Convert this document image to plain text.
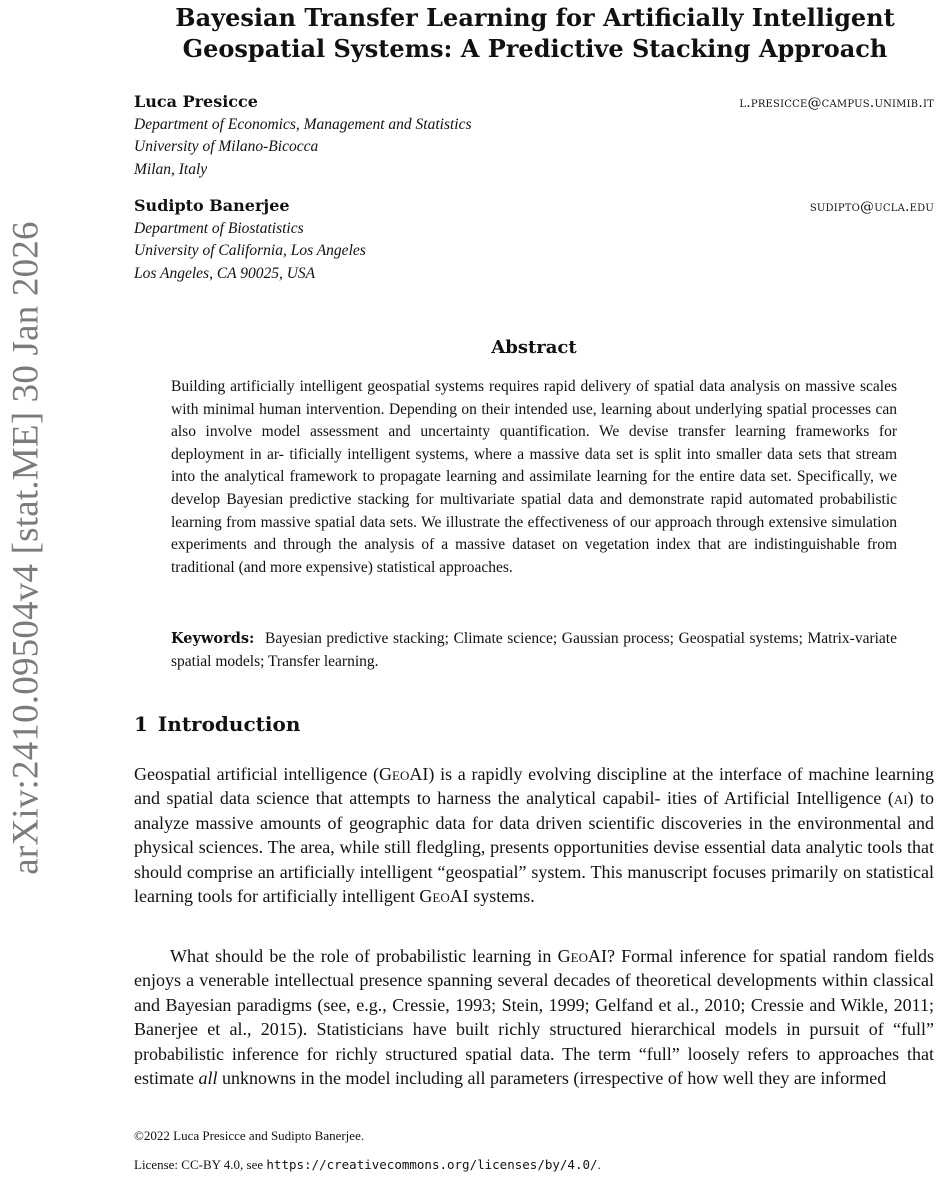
arXiv:2410.09504v4 [stat.ME] 30 Jan 2026
Bayesian Transfer Learning for Artificially Intelligent
Geospatial Systems: A Predictive Stacking Approach
Luca Presicce	l.presicce@campus.unimib.it
Department of Economics, Management and Statistics
University of Milano-Bicocca
Milan, Italy
Sudipto Banerjee	sudipto@ucla.edu
Department of Biostatistics
University of California, Los Angeles
Los Angeles, CA 90025, USA
Abstract
Building artificially intelligent geospatial systems requires rapid delivery of spatial data analysis on massive scales with minimal human intervention. Depending on their intended use, learning about underlying spatial processes can also involve model assessment and uncertainty quantification. We devise transfer learning frameworks for deployment in ar- tificially intelligent systems, where a massive data set is split into smaller data sets that stream into the analytical framework to propagate learning and assimilate learning for the entire data set. Specifically, we develop Bayesian predictive stacking for multivariate spatial data and demonstrate rapid automated probabilistic learning from massive spatial data sets. We illustrate the effectiveness of our approach through extensive simulation experiments and through the analysis of a massive dataset on vegetation index that are indistinguishable from traditional (and more expensive) statistical approaches.
Keywords: Bayesian predictive stacking; Climate science; Gaussian process; Geospatial systems; Matrix-variate spatial models; Transfer learning.
1 Introduction

Geospatial artificial intelligence (GeoAI) is a rapidly evolving discipline at the interface of machine learning and spatial data science that attempts to harness the analytical capabil- ities of Artificial Intelligence (ai) to analyze massive amounts of geographic data for data driven scientific discoveries in the environmental and physical sciences. The area, while still fledgling, presents opportunities devise essential data analytic tools that should comprise an artificially intelligent “geospatial” system. This manuscript focuses primarily on statistical learning tools for artificially intelligent GeoAI systems.

What should be the role of probabilistic learning in GeoAI? Formal inference for spatial random fields enjoys a venerable intellectual presence spanning several decades of theoretical developments within classical and Bayesian paradigms (see, e.g., Cressie, 1993; Stein, 1999; Gelfand et al., 2010; Cressie and Wikle, 2011; Banerjee et al., 2015). Statisticians have built richly structured hierarchical models in pursuit of “full” probabilistic inference for richly structured spatial data. The term “full” loosely refers to approaches that estimate all unknowns in the model including all parameters (irrespective of how well they are informed

©2022 Luca Presicce and Sudipto Banerjee.
License: CC-BY 4.0, see https://creativecommons.org/licenses/by/4.0/.
